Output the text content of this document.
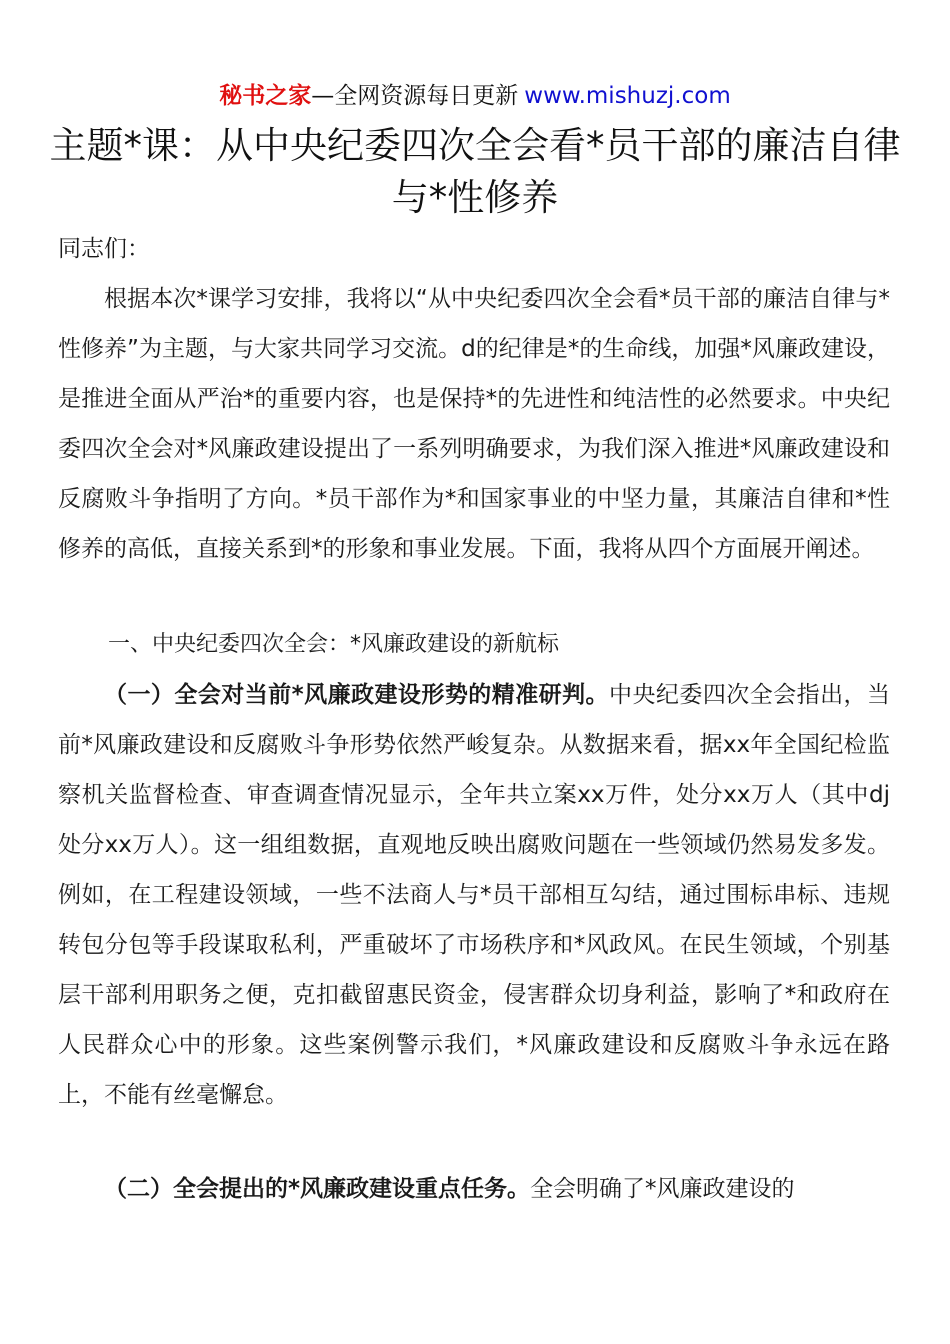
秘书之家—全网资源每日更新 www.mishuzj.com
主题*课：从中央纪委四次全会看*员干部的廉洁自律与*性修养

同志们：

根据本次*课学习安排，我将以“从中央纪委四次全会看*员干部的廉洁自律与*性修养”为主题，与大家共同学习交流。d的纪律是*的生命线，加强*风廉政建设，是推进全面从严治*的重要内容，也是保持*的先进性和纯洁性的必然要求。中央纪委四次全会对*风廉政建设提出了一系列明确要求，为我们深入推进*风廉政建设和反腐败斗争指明了方向。*员干部作为*和国家事业的中坚力量，其廉洁自律和*性修养的高低，直接关系到*的形象和事业发展。下面，我将从四个方面展开阐述。

一、中央纪委四次全会：*风廉政建设的新航标

（一）全会对当前*风廉政建设形势的精准研判。中央纪委四次全会指出，当前*风廉政建设和反腐败斗争形势依然严峻复杂。从数据来看，据xx年全国纪检监察机关监督检查、审查调查情况显示，全年共立案xx万件，处分xx万人（其中dj处分xx万人）。这一组组数据，直观地反映出腐败问题在一些领域仍然易发多发。例如，在工程建设领域，一些不法商人与*员干部相互勾结，通过围标串标、违规转包分包等手段谋取私利，严重破坏了市场秩序和*风政风。在民生领域，个别基层干部利用职务之便，克扣截留惠民资金，侵害群众切身利益，影响了*和政府在人民群众心中的形象。这些案例警示我们，*风廉政建设和反腐败斗争永远在路上，不能有丝毫懈怠。

（二）全会提出的*风廉政建设重点任务。全会明确了*风廉政建设的
